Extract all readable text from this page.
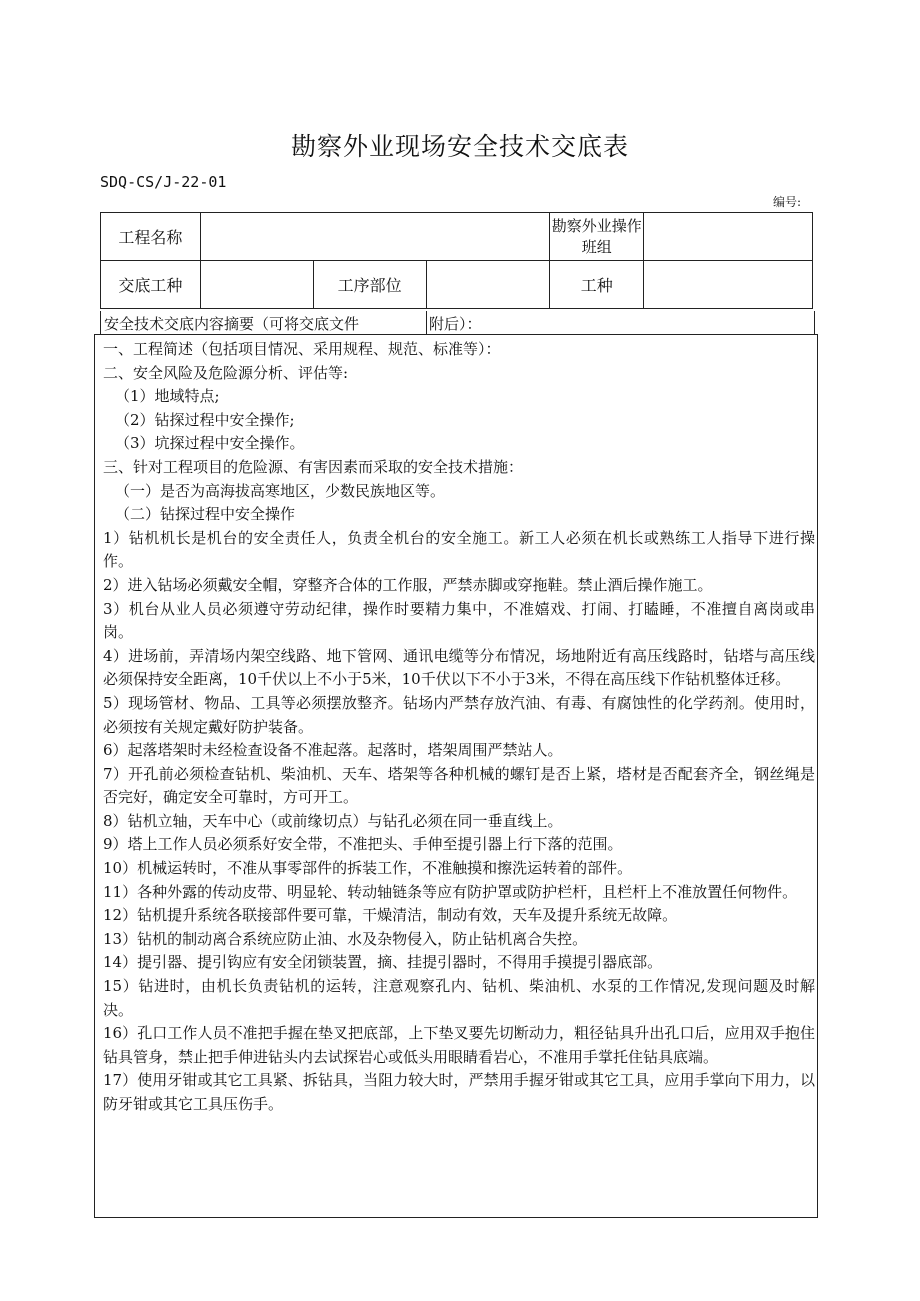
勘察外业现场安全技术交底表
SDQ-CS/J-22-01
编号:
工程名称				勘察外业操作班组	
交底工种		工序部位		工种	
安全技术交底内容摘要（可将交底文件	附后）：

一、工程简述（包括项目情况、采用规程、规范、标准等）：

二、安全风险及危险源分析、评估等:

（1）地域特点;

（2）钻探过程中安全操作;

（3）坑探过程中安全操作。

三、针对工程项目的危险源、有害因素而采取的安全技术措施：

（一）是否为高海拔高寒地区，少数民族地区等。

（二）钻探过程中安全操作

1）钻机机长是机台的安全责任人，负责全机台的安全施工。新工人必须在机长或熟练工人指导下进行操作。

2）进入钻场必须戴安全帽，穿整齐合体的工作服，严禁赤脚或穿拖鞋。禁止酒后操作施工。

3）机台从业人员必须遵守劳动纪律，操作时要精力集中，不准嬉戏、打闹、打瞌睡，不准擅自离岗或串岗。

4）进场前，弄清场内架空线路、地下管网、通讯电缆等分布情况，场地附近有高压线路时，钻塔与高压线必须保持安全距离，10千伏以上不小于5米，10千伏以下不小于3米，不得在高压线下作钻机整体迁移。

5）现场管材、物品、工具等必须摆放整齐。钻场内严禁存放汽油、有毒、有腐蚀性的化学药剂。使用时，必须按有关规定戴好防护装备。

6）起落塔架时未经检查设备不准起落。起落时，塔架周围严禁站人。

7）开孔前必须检查钻机、柴油机、天车、塔架等各种机械的螺钉是否上紧，塔材是否配套齐全，钢丝绳是否完好，确定安全可靠时，方可开工。

8）钻机立轴，天车中心（或前缘切点）与钻孔必须在同一垂直线上。

9）塔上工作人员必须系好安全带，不准把头、手伸至提引器上行下落的范围。

10）机械运转时，不准从事零部件的拆装工作，不准触摸和擦洗运转着的部件。

11）各种外露的传动皮带、明显轮、转动轴链条等应有防护罩或防护栏杆，且栏杆上不准放置任何物件。

12）钻机提升系统各联接部件要可靠，干燥清洁，制动有效，天车及提升系统无故障。

13）钻机的制动离合系统应防止油、水及杂物侵入，防止钻机离合失控。

14）提引器、提引钩应有安全闭锁装置，摘、挂提引器时，不得用手摸提引器底部。

15）钻进时，由机长负责钻机的运转，注意观察孔内、钻机、柴油机、水泵的工作情况,发现问题及时解决。

16）孔口工作人员不准把手握在垫叉把底部，上下垫叉要先切断动力，粗径钻具升出孔口后，应用双手抱住钻具管身，禁止把手伸进钻头内去试探岩心或低头用眼睛看岩心，不准用手掌托住钻具底端。

17）使用牙钳或其它工具紧、拆钻具，当阻力较大时，严禁用手握牙钳或其它工具，应用手掌向下用力，以防牙钳或其它工具压伤手。
